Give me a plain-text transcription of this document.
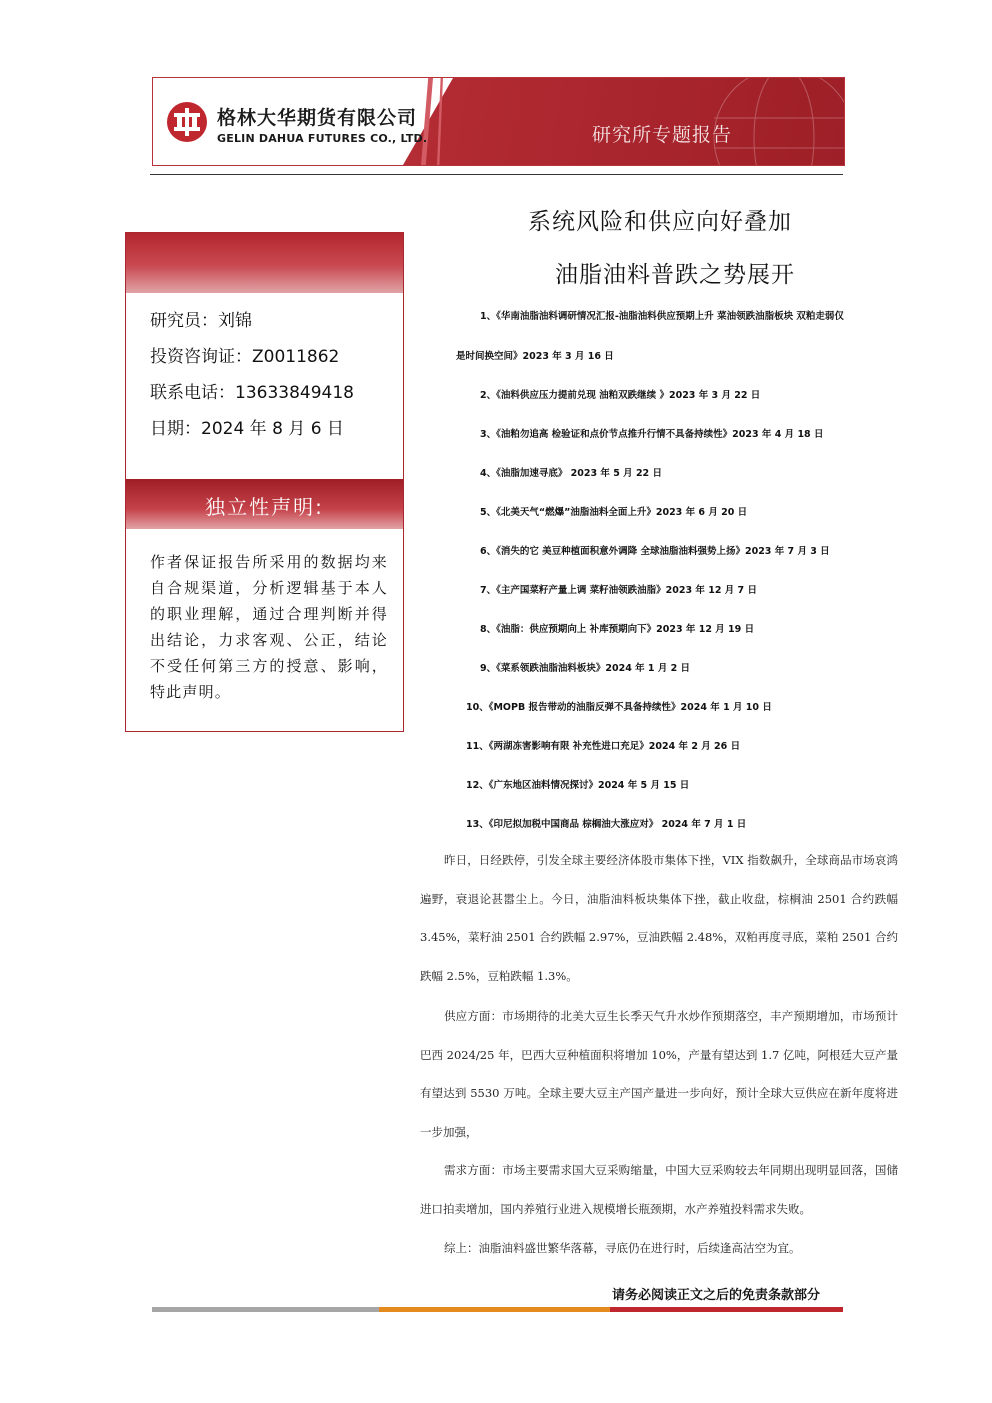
格林大华期货有限公司
GELIN DAHUA FUTURES CO., LTD.	研究所专题报告
系统风险和供应向好叠加
油脂油料普跌之势展开
研究员：刘锦
投资咨询证：Z0011862
联系电话：13633849418
日期：2024 年 8 月 6 日
独立性声明:
作者保证报告所采用的数据均来自合规渠道，分析逻辑基于本人的职业理解，通过合理判断并得出结论，力求客观、公正，结论不受任何第三方的授意、影响，特此声明。
1、《华南油脂油料调研情况汇报-油脂油料供应预期上升 菜油领跌油脂板块 双粕走弱仅
是时间换空间》2023 年 3 月 16 日
2、《油料供应压力提前兑现 油粕双跌继续 》2023 年 3 月 22 日
3、《油粕勿追高 检验证和点价节点推升行情不具备持续性》2023 年 4 月 18 日
4、《油脂加速寻底》 2023 年 5 月 22 日
5、《北美天气“燃爆”油脂油料全面上升》2023 年 6 月 20 日
6、《消失的它 美豆种植面积意外调降 全球油脂油料强势上扬》2023 年 7 月 3 日
7、《主产国菜籽产量上调 菜籽油领跌油脂》2023 年 12 月 7 日
8、《油脂：供应预期向上 补库预期向下》2023 年 12 月 19 日
9、《菜系领跌油脂油料板块》2024 年 1 月 2 日
10、《MOPB 报告带动的油脂反弹不具备持续性》2024 年 1 月 10 日
11、《两湖冻害影响有限 补充性进口充足》2024 年 2 月 26 日
12、《广东地区油料情况探讨》2024 年 5 月 15 日
13、《印尼拟加税中国商品 棕榈油大涨应对》 2024 年 7 月 1 日
昨日，日经跌停，引发全球主要经济体股市集体下挫，VIX 指数飙升，全球商品市场哀鸿遍野，衰退论甚嚣尘上。今日，油脂油料板块集体下挫，截止收盘，棕榈油 2501 合约跌幅 3.45%，菜籽油 2501 合约跌幅 2.97%，豆油跌幅 2.48%，双粕再度寻底，菜粕 2501 合约跌幅 2.5%，豆粕跌幅 1.3%。
供应方面：市场期待的北美大豆生长季天气升水炒作预期落空，丰产预期增加，市场预计巴西 2024/25 年，巴西大豆种植面积将增加 10%，产量有望达到 1.7 亿吨，阿根廷大豆产量有望达到 5530 万吨。全球主要大豆主产国产量进一步向好，预计全球大豆供应在新年度将进一步加强，
需求方面：市场主要需求国大豆采购缩量，中国大豆采购较去年同期出现明显回落，国储进口拍卖增加，国内养殖行业进入规模增长瓶颈期，水产养殖投料需求失败。
综上：油脂油料盛世繁华落幕，寻底仍在进行时，后续逢高沽空为宜。
请务必阅读正文之后的免责条款部分
